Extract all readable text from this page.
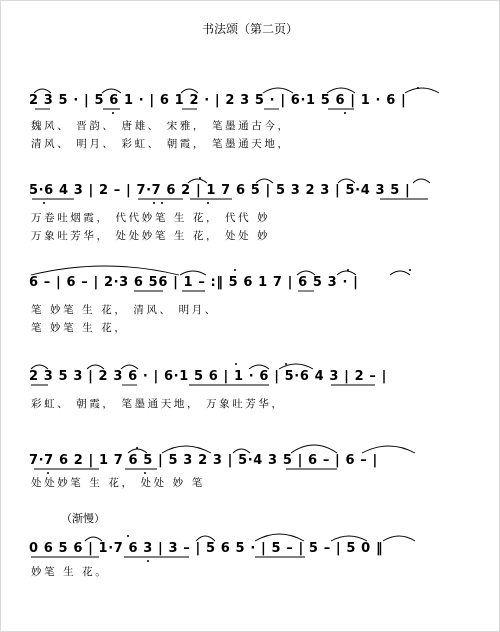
书法颂（第二页）
2 3 5 · | 5 6 1 · | 6 1 2 · | 2 3 5 · | 6·1 5 6 | 1 · 6 |
魏风、 晋韵、 唐雄、 宋雅， 笔墨通古今，
清风、 明月、 彩虹、 朝霞， 笔墨通天地，
5·6 4 3 | 2 – | 7·7 6 2 | 1 7 6 5 | 5 3 2 3 | 5·4 3 5 |
万卷吐烟霞， 代代妙笔 生 花， 代代 妙
万象吐芳华， 处处妙笔 生 花， 处处 妙
6 – | 6 – | 2·3 6 56 | 1 – :‖ 5 6 1 7 | 6 5 3 · |
笔 妙笔 生 花， 清风、 明月、
笔 妙笔 生 花，
2 3 5 3 | 2 3 6 · | 6·1 5 6 | 1 · 6 | 5·6 4 3 | 2 – |
彩虹、 朝霞， 笔墨通天地， 万象吐芳华，
7·7 6 2 | 1 7 6 5 | 5 3 2 3 | 5·4 3 5 | 6 – | 6 – |
处处妙笔 生 花， 处处 妙 笔
（渐慢）
0 6 5 6 | 1·7 6 3 | 3 – | 5 6 5 · | 5 – | 5 – | 5 0 ‖
妙笔 生 花。
